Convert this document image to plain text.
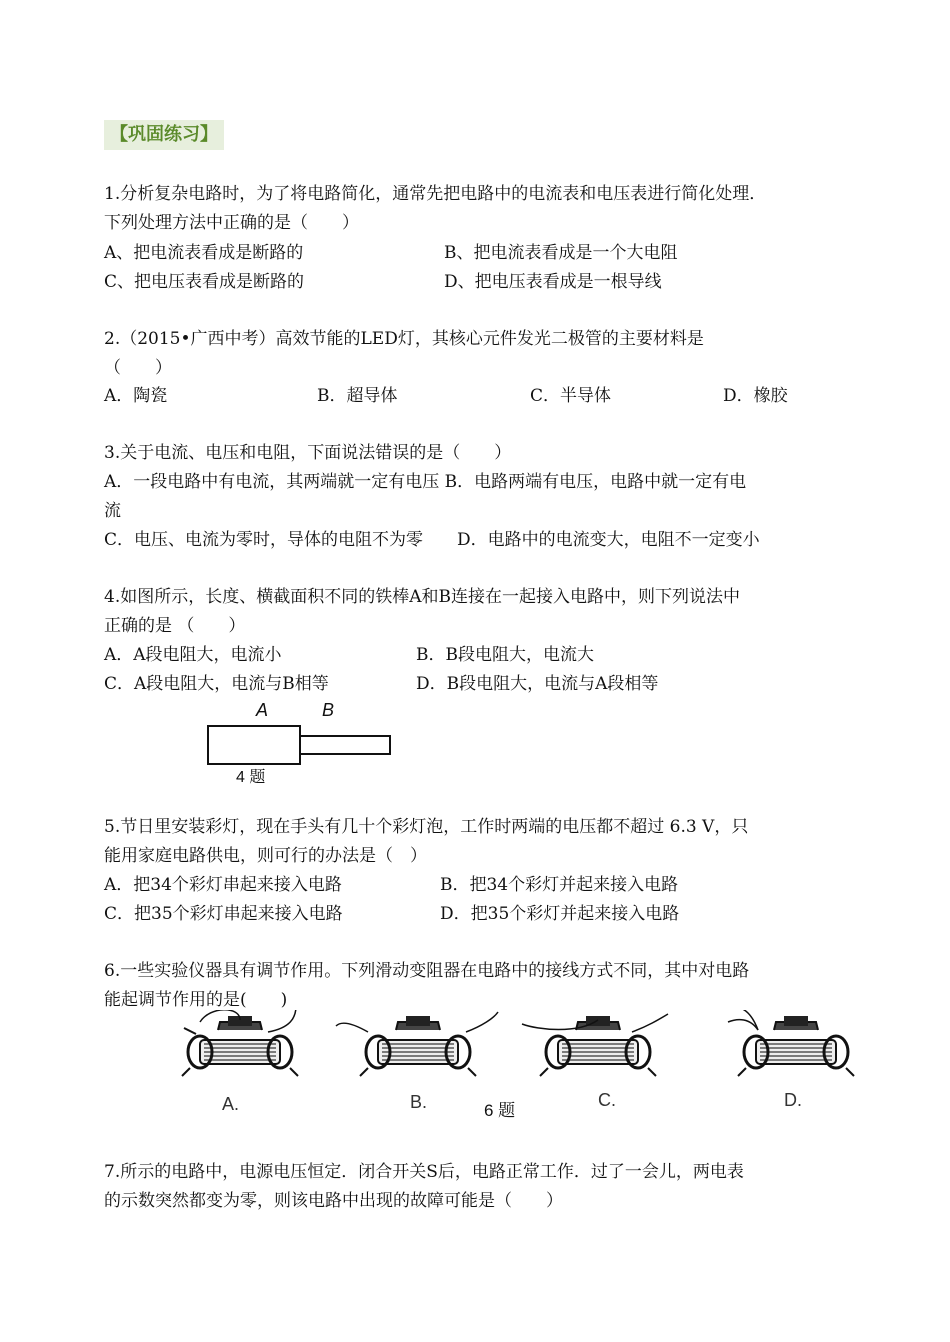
【巩固练习】
1.分析复杂电路时，为了将电路简化，通常先把电路中的电流表和电压表进行简化处理．
下列处理方法中正确的是（　　）
A、把电流表看成是断路的	B、把电流表看成是一个大电阻
C、把电压表看成是断路的	D、把电压表看成是一根导线
2.（2015•广西中考）高效节能的LED灯，其核心元件发光二极管的主要材料是
（　　）
A．陶瓷	B．超导体	C．半导体	D．橡胶
3.关于电流、电压和电阻，下面说法错误的是（　　）
A．一段电路中有电流，其两端就一定有电压 B．电路两端有电压，电路中就一定有电
流
C．电压、电流为零时，导体的电阻不为零　　D．电路中的电流变大，电阻不一定变小
4.如图所示，长度、横截面积不同的铁棒A和B连接在一起接入电路中，则下列说法中
正确的是 （　　）
A．A段电阻大，电流小	B．B段电阻大，电流大
C．A段电阻大，电流与B相等	D．B段电阻大，电流与A段相等
A	B
4 题
5.节日里安装彩灯，现在手头有几十个彩灯泡，工作时两端的电压都不超过 6.3 V，只
能用家庭电路供电，则可行的办法是（　）
A．把34个彩灯串起来接入电路	B．把34个彩灯并起来接入电路
C．把35个彩灯串起来接入电路	D．把35个彩灯并起来接入电路
6.一些实验仪器具有调节作用。下列滑动变阻器在电路中的接线方式不同，其中对电路
能起调节作用的是(　　)
A.	B.	6 题
C.	D.
7.所示的电路中，电源电压恒定．闭合开关S后，电路正常工作．过了一会儿，两电表
的示数突然都变为零，则该电路中出现的故障可能是（　　）
